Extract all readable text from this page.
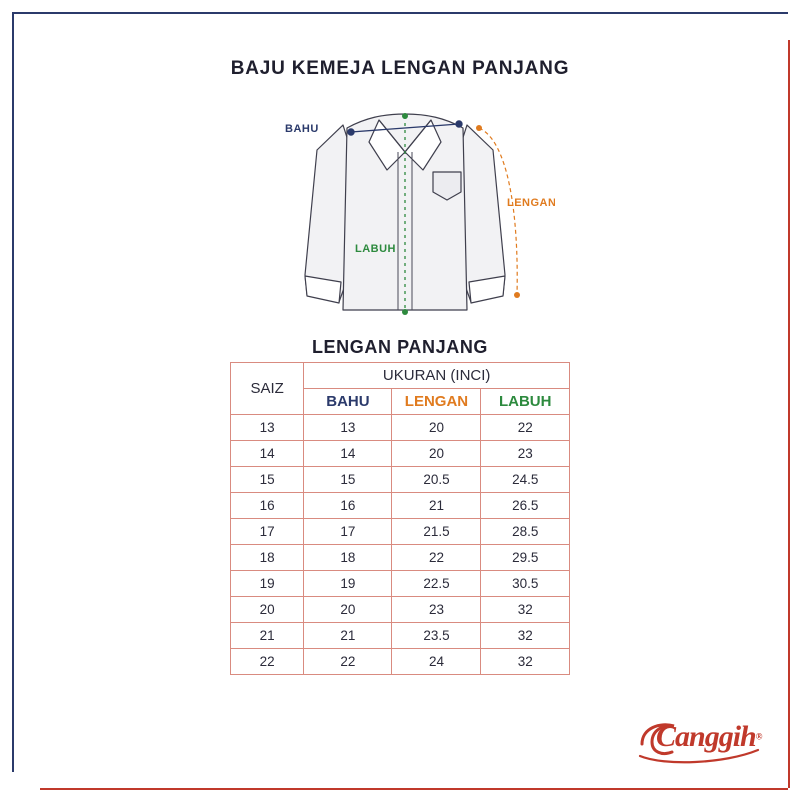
BAJU KEMEJA LENGAN PANJANG
BAHU
LENGAN
LABUH
LENGAN PANJANG
SAIZ	UKURAN (INCI)		
	BAHU	LENGAN	LABUH
13	13	20	22
14	14	20	23
15	15	20.5	24.5
16	16	21	26.5
17	17	21.5	28.5
18	18	22	29.5
19	19	22.5	30.5
20	20	23	32
21	21	23.5	32
22	22	24	32
Canggih®
